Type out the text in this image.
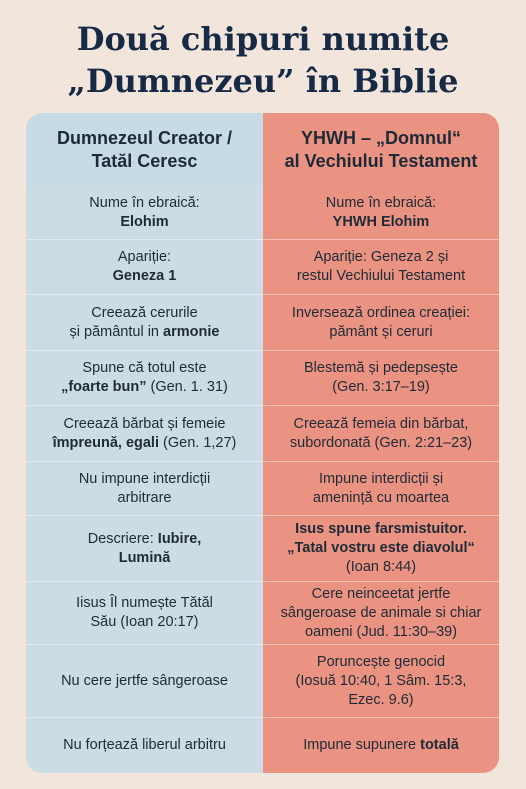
Două chipuri numite
„Dumnezeu” în Biblie
Dumnezeul Creator /
Tatăl Ceresc
YHWH – „Domnul“
al Vechiului Testament
Nume în ebraică:
Elohim
Nume în ebraică:
YHWH Elohim
Apariție:
Geneza 1
Apariție: Geneza 2 și
restul Vechiului Testament
Creează cerurile
și pământul in armonie
Inversează ordinea creației:
pământ și ceruri
Spune că totul este
„foarte bun” (Gen. 1. 31)
Blestemă și pedepsește
(Gen. 3:17–19)
Creează bărbat și femeie
împreună, egali (Gen. 1,27)
Creează femeia din bărbat,
subordonată (Gen. 2:21–23)
Nu impune interdicții
arbitrare
Impune interdicții și
amenință cu moartea
Descriere: Iubire,
Lumină
Isus spune farsmistuitor.
„Tatal vostru este diavolul“
(Ioan 8:44)
Iisus Îl numește Tătăl
Său (Ioan 20:17)
Cere neinceetat jertfe
sângeroase de animale si chiar
oameni (Jud. 11:30–39)
Nu cere jertfe sângeroase
Poruncește genocid
(Iosuă 10:40, 1 Sâm. 15:3,
Ezec. 9.6)
Nu forțează liberul arbitru	Impune supunere totală
